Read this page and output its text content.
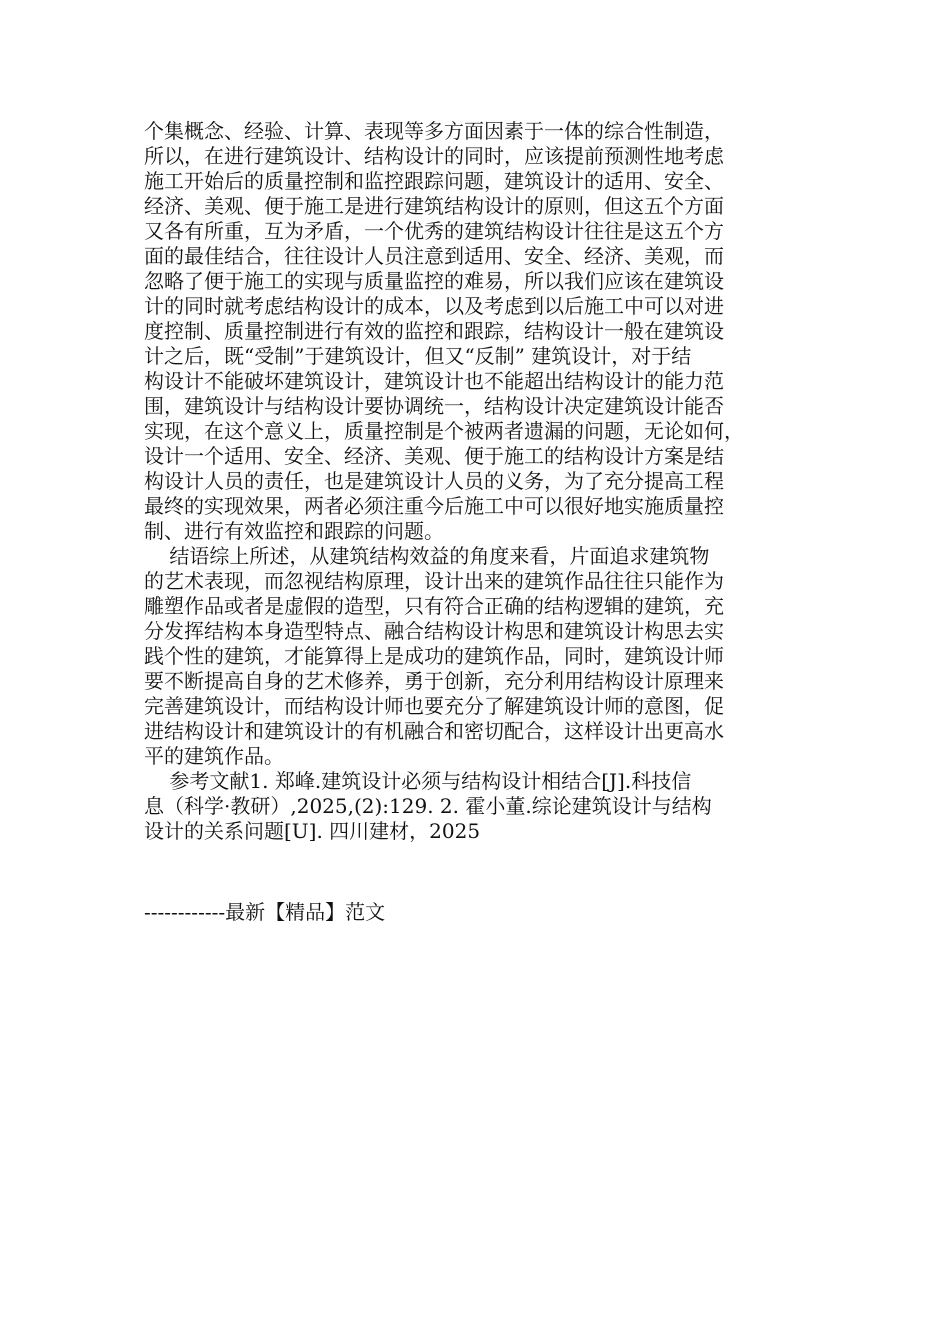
个集概念、经验、计算、表现等多方面因素于一体的综合性制造，
所以，在进行建筑设计、结构设计的同时，应该提前预测性地考虑
施工开始后的质量控制和监控跟踪问题，建筑设计的适用、安全、
经济、美观、便于施工是进行建筑结构设计的原则，但这五个方面
又各有所重，互为矛盾，一个优秀的建筑结构设计往往是这五个方
面的最佳结合，往往设计人员注意到适用、安全、经济、美观，而
忽略了便于施工的实现与质量监控的难易，所以我们应该在建筑设
计的同时就考虑结构设计的成本，以及考虑到以后施工中可以对进
度控制、质量控制进行有效的监控和跟踪，结构设计一般在建筑设
计之后，既“受制”于建筑设计，但又“反制” 建筑设计，对于结
构设计不能破坏建筑设计，建筑设计也不能超出结构设计的能力范
围，建筑设计与结构设计要协调统一，结构设计决定建筑设计能否
实现，在这个意义上，质量控制是个被两者遗漏的问题，无论如何，
设计一个适用、安全、经济、美观、便于施工的结构设计方案是结
构设计人员的责任，也是建筑设计人员的义务，为了充分提高工程
最终的实现效果，两者必须注重今后施工中可以很好地实施质量控
制、进行有效监控和跟踪的问题。
结语综上所述，从建筑结构效益的角度来看，片面追求建筑物
的艺术表现，而忽视结构原理，设计出来的建筑作品往往只能作为
雕塑作品或者是虚假的造型，只有符合正确的结构逻辑的建筑，充
分发挥结构本身造型特点、融合结构设计构思和建筑设计构思去实
践个性的建筑，才能算得上是成功的建筑作品，同时，建筑设计师
要不断提高自身的艺术修养，勇于创新，充分利用结构设计原理来
完善建筑设计，而结构设计师也要充分了解建筑设计师的意图，促
进结构设计和建筑设计的有机融合和密切配合，这样设计出更高水
平的建筑作品。
参考文献1. 郑峰.建筑设计必须与结构设计相结合[J].科技信
息（科学·教研）,2025,(2):129. 2. 霍小董.综论建筑设计与结构
设计的关系问题[U]. 四川建材，2025
------------最新【精品】范文
